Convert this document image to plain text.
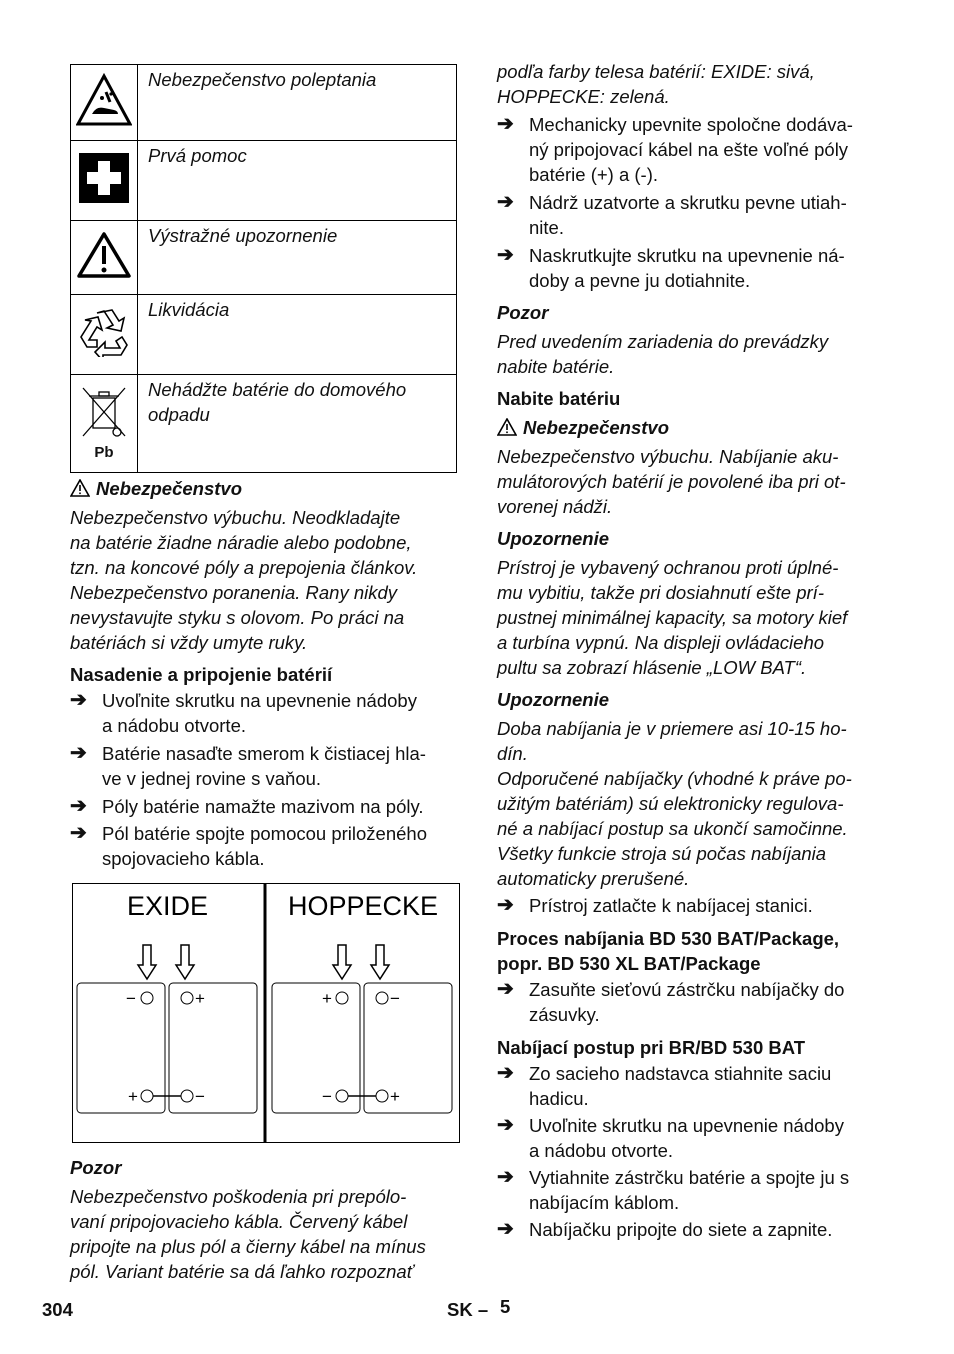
	Nebezpečenstvo poleptania
	Prvá pomoc
	Výstražné upozornenie
	Likvidácia

Pb	Nehádžte batérie do domového odpadu
Nebezpečenstvo
Nebezpečenstvo výbuchu. Neodkladajte
na batérie žiadne náradie alebo podobne,
tzn. na koncové póly a prepojenia článkov.
Nebezpečenstvo poranenia. Rany nikdy
nevystavujte styku s olovom. Po práci na
batériách si vždy umyte ruky.
Nasadenie a pripojenie batérií
➔ Uvoľnite skrutku na upevnenie nádoby
a nádobu otvorte.
➔ Batérie nasaďte smerom k čistiacej hla-
ve v jednej rovine s vaňou.
➔ Póly batérie namažte mazivom na póly.
➔ Pól batérie spojte pomocou priloženého
spojovacieho kábla.
EXIDE	HOPPECKE
−	+	+	−
+	−	−	+
Pozor
Nebezpečenstvo poškodenia pri prepólo-
vaní pripojovacieho kábla. Červený kábel
pripojte na plus pól a čierny kábel na mínus
pól. Variant batérie sa dá ľahko rozpoznať
podľa farby telesa batérií: EXIDE: sivá,
HOPPECKE: zelená.
➔ Mechanicky upevnite spoločne dodáva-
ný pripojovací kábel na ešte voľné póly
batérie (+) a (-).
➔ Nádrž uzatvorte a skrutku pevne utiah-
nite.
➔ Naskrutkujte skrutku na upevnenie ná-
doby a pevne ju dotiahnite.
Pozor
Pred uvedením zariadenia do prevádzky
nabite batérie.
Nabite batériu
Nebezpečenstvo
Nebezpečenstvo výbuchu. Nabíjanie aku-
mulátorových batérií je povolené iba pri ot-
vorenej nádži.
Upozornenie
Prístroj je vybavený ochranou proti úplné-
mu vybitiu, takže pri dosiahnutí ešte prí-
pustnej minimálnej kapacity, sa motory kief
a turbína vypnú. Na displeji ovládacieho
pultu sa zobrazí hlásenie „LOW BAT“.
Upozornenie
Doba nabíjania je v priemere asi 10-15 ho-
dín.
Odporučené nabíjačky (vhodné k práve po-
užitým batériám) sú elektronicky regulova-
né a nabíjací postup sa ukončí samočinne.
Všetky funkcie stroja sú počas nabíjania
automaticky prerušené.
➔ Prístroj zatlačte k nabíjacej stanici.
Proces nabíjania BD 530 BAT/Package,
popr. BD 530 XL BAT/Package
➔ Zasuňte sieťovú zástrčku nabíjačky do
zásuvky.
Nabíjací postup pri BR/BD 530 BAT
➔ Zo sacieho nadstavca stiahnite saciu
hadicu.
➔ Uvoľnite skrutku na upevnenie nádoby
a nádobu otvorte.
➔ Vytiahnite zástrčku batérie a spojte ju s
nabíjacím káblom.
➔ Nabíjačku pripojte do siete a zapnite.
304	SK – 5
